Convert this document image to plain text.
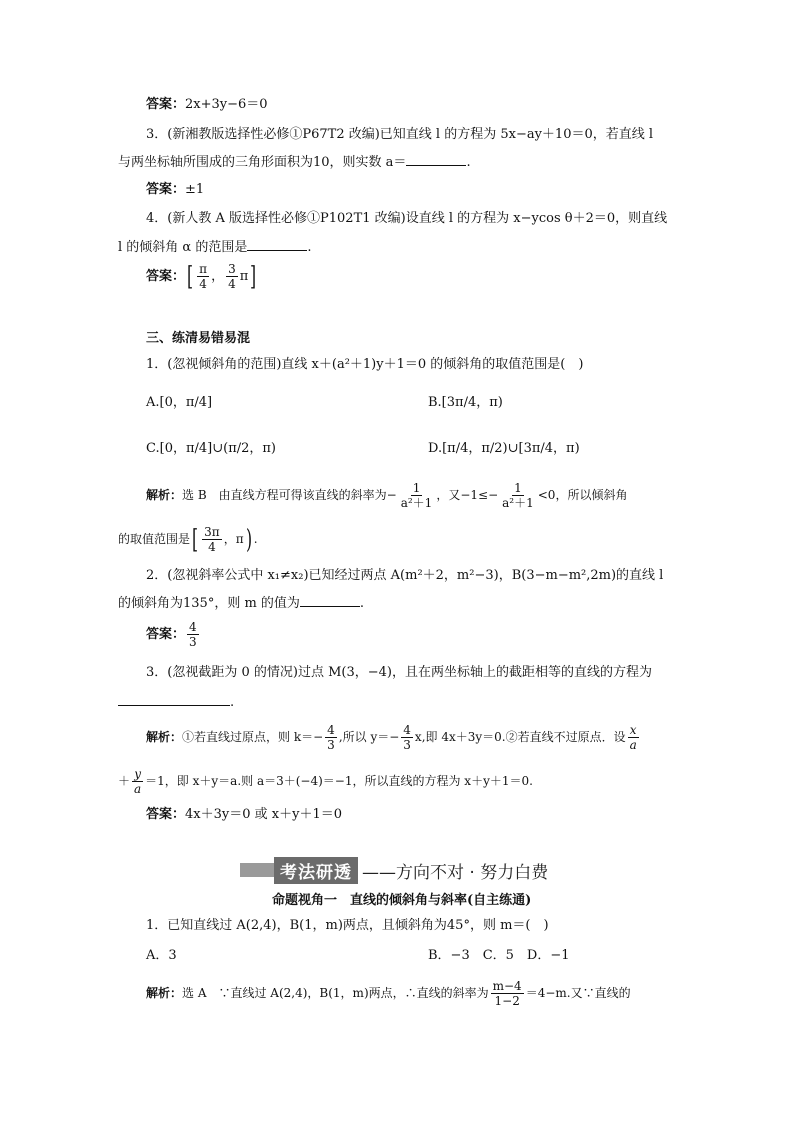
答案：2x+3y−6＝0
3．(新湘教版选择性必修①P67T2 改编)已知直线 l 的方程为 5x−ay＋10＝0，若直线 l
与两坐标轴所围成的三角形面积为10，则实数 a＝	.
答案：±1
4．(新人教 A 版选择性必修①P102T1 改编)设直线 l 的方程为 x−ycos θ＋2＝0，则直线
l 的倾斜角 α 的范围是	.
答案：[ $\frac{\pi}{4}$ ， $\frac{3}{4} \pi$]
三、练清易错易混
1．(忽视倾斜角的范围)直线 x＋(a²＋1)y＋1＝0 的倾斜角的取值范围是(　)
A.[0，π/4]	B.[3π/4，π)
C.[0，π/4]∪(π/2，π)	D.[π/4，π/2)∪[3π/4，π)
解析：选 B　由直线方程可得该直线的斜率为− $\frac{1}{\text{a²＋1}}$ ，又$-1\le- \frac{1}{\text{a²＋1}} <0$，所以倾斜角
的取值范围是[ $\frac{3\pi}{4}$ ，π) .
2．(忽视斜率公式中 x₁≠x₂)已知经过两点 A(m²＋2，m²−3)，B(3−m−m²,2m)的直线 l
的倾斜角为135°，则 m 的值为	.
答案： $\frac{4}{3}$
3．(忽视截距为 0 的情况)过点 M(3，−4)，且在两坐标轴上的截距相等的直线的方程为
.
解析：①若直线过原点，则 $k=- \frac{4}{3}$ ,所以 $y=- \frac{4}{3} x$,即 4x＋3y＝0.②若直线不过原点．设 $\frac{x}{a}$
＋ $\frac{y}{a} =1$，即 x＋y＝a.则 a＝3＋(−4)＝−1，所以直线的方程为 x＋y＋1＝0.
答案：4x＋3y＝0 或 x＋y＋1＝0
考法研透 ——方向不对 · 努力白费
命题视角一　直线的倾斜角与斜率(自主练通)
1．已知直线过 A(2,4)，B(1，m)两点，且倾斜角为45°，则 m＝(　)
A．3	B．−3　C．5　D．−1
解析：选 A　∵直线过 A(2,4)，B(1，m)两点，∴直线的斜率为 $\frac{m-4}{1-2} =4-m$.又∵直线的
